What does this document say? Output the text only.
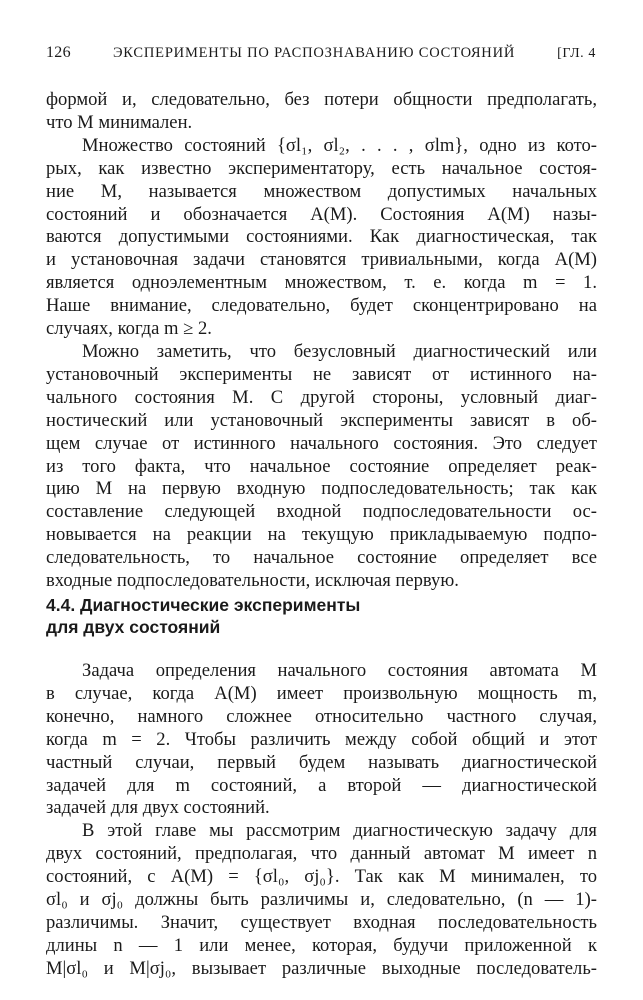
126	ЭКСПЕРИМЕНТЫ ПО РАСПОЗНАВАНИЮ СОСТОЯНИЙ	[ГЛ. 4
формой и, следовательно, без потери общности предполагать,
что M минимален.
Множество состояний {σl₁, σl₂, . . . , σlm}, одно из кото-
рых, как известно экспериментатору, есть начальное состоя-
ние M, называется множеством допустимых начальных
состояний и обозначается A(M). Состояния A(M) назы-
ваются допустимыми состояниями. Как диагностическая, так
и установочная задачи становятся тривиальными, когда A(M)
является одноэлементным множеством, т. е. когда m = 1.
Наше внимание, следовательно, будет сконцентрировано на
случаях, когда m ≥ 2.
Можно заметить, что безусловный диагностический или
установочный эксперименты не зависят от истинного на-
чального состояния M. С другой стороны, условный диаг-
ностический или установочный эксперименты зависят в об-
щем случае от истинного начального состояния. Это следует
из того факта, что начальное состояние определяет реак-
цию M на первую входную подпоследовательность; так как
составление следующей входной подпоследовательности ос-
новывается на реакции на текущую прикладываемую подпо-
следовательность, то начальное состояние определяет все
входные подпоследовательности, исключая первую.
4.4. Диагностические эксперименты
для двух состояний
Задача определения начального состояния автомата M
в случае, когда A(M) имеет произвольную мощность m,
конечно, намного сложнее относительно частного случая,
когда m = 2. Чтобы различить между собой общий и этот
частный случаи, первый будем называть диагностической
задачей для m состояний, а второй — диагностической
задачей для двух состояний.
В этой главе мы рассмотрим диагностическую задачу для
двух состояний, предполагая, что данный автомат M имеет n
состояний, с A(M) = {σl₀, σj₀}. Так как M минимален, то
σl₀ и σj₀ должны быть различимы и, следовательно, (n — 1)-
различимы. Значит, существует входная последовательность
длины n — 1 или менее, которая, будучи приложенной к
M|σl₀ и M|σj₀, вызывает различные выходные последователь-
